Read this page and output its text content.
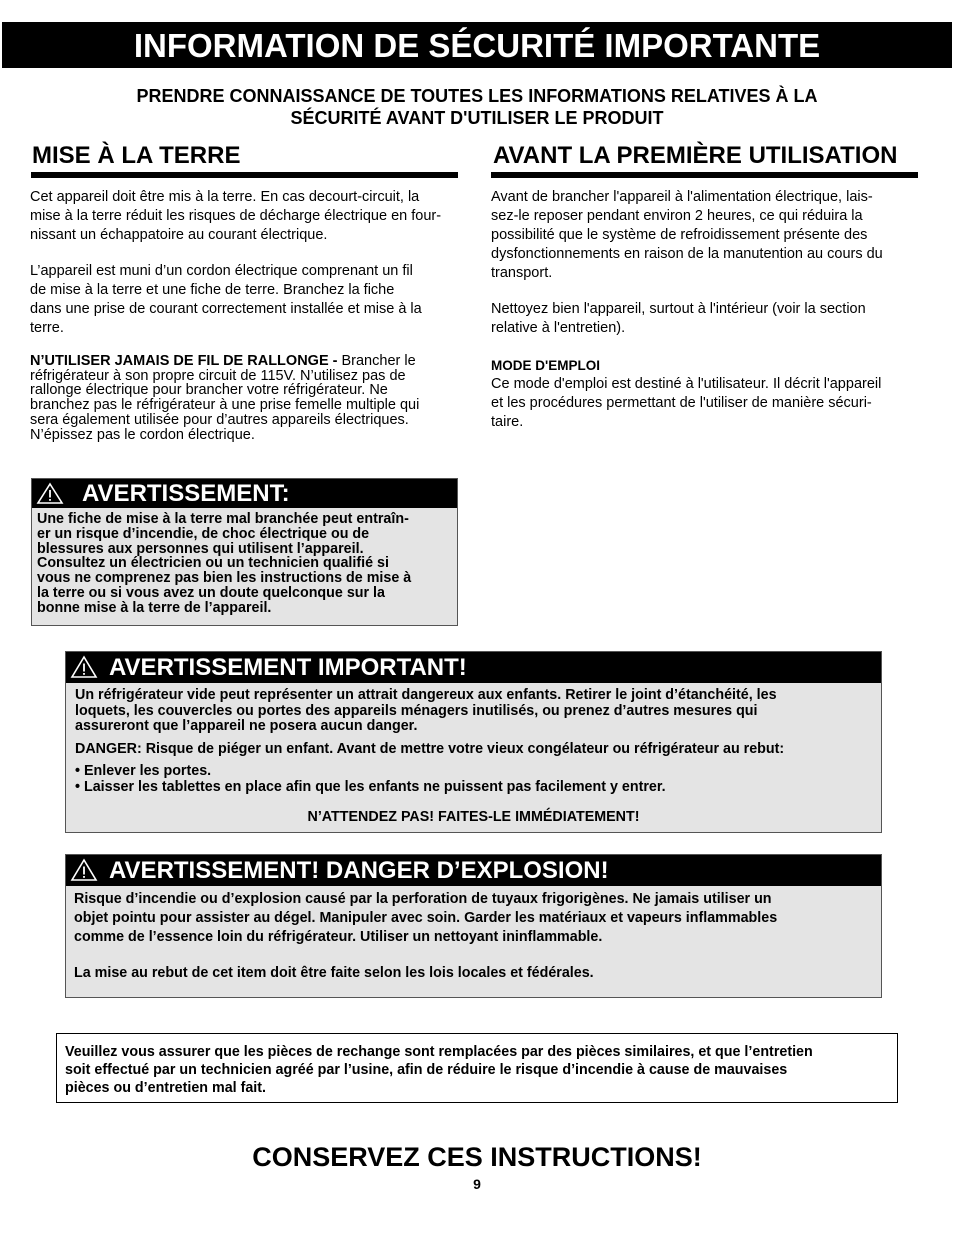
INFORMATION DE SÉCURITÉ IMPORTANTE
PRENDRE CONNAISSANCE DE TOUTES LES INFORMATIONS RELATIVES À LA
SÉCURITÉ AVANT D'UTILISER LE PRODUIT
MISE À LA TERRE

Cet appareil doit être mis à la terre. En cas decourt-circuit, la

mise à la terre réduit les risques de décharge électrique en four-

nissant un échappatoire au courant électrique.

L’appareil est muni d’un cordon électrique comprenant un fil

de mise à la terre et une fiche de terre. Branchez la fiche

dans une prise de courant correctement installée et mise à la

terre.

N’UTILISER JAMAIS DE FIL DE RALLONGE - Brancher le
réfrigérateur à son propre circuit de 115V. N’utilisez pas de
rallonge électrique pour brancher votre réfrigérateur. Ne
branchez pas le réfrigérateur à une prise femelle multiple qui
sera également utilisée pour d’autres appareils électriques.
N’épissez pas le cordon électrique.
AVERTISSEMENT:

Une fiche de mise à la terre mal branchée peut entraîn-

er un risque d’incendie, de choc électrique ou de

blessures aux personnes qui utilisent l’appareil.

Consultez un électricien ou un technicien qualifié si

vous ne comprenez pas bien les instructions de mise à

la terre ou si vous avez un doute quelconque sur la

bonne mise à la terre de l’appareil.

AVANT LA PREMIÈRE UTILISATION

Avant de brancher l'appareil à l'alimentation électrique, lais-

sez-le reposer pendant environ 2 heures, ce qui réduira la

possibilité que le système de refroidissement présente des

dysfonctionnements en raison de la manutention au cours du

transport.

Nettoyez bien l'appareil, surtout à l'intérieur (voir la section

relative à l'entretien).

MODE D'EMPLOI

Ce mode d'emploi est destiné à l'utilisateur. Il décrit l'appareil

et les procédures permettant de l'utiliser de manière sécuri-

taire.

AVERTISSEMENT IMPORTANT!

Un réfrigérateur vide peut représenter un attrait dangereux aux enfants. Retirer le joint d’étanchéité, les

loquets, les couvercles ou portes des appareils ménagers inutilisés, ou prenez d’autres mesures qui

assureront que l’appareil ne posera aucun danger.

DANGER: Risque de piéger un enfant. Avant de mettre votre vieux congélateur ou réfrigérateur au rebut:

• Enlever les portes.

• Laisser les tablettes en place afin que les enfants ne puissent pas facilement y entrer.

N’ATTENDEZ PAS! FAITES-LE IMMÉDIATEMENT!

AVERTISSEMENT! DANGER D’EXPLOSION!

Risque d’incendie ou d’explosion causé par la perforation de tuyaux frigorigènes. Ne jamais utiliser un

objet pointu pour assister au dégel. Manipuler avec soin. Garder les matériaux et vapeurs inflammables

comme de l’essence loin du réfrigérateur. Utiliser un nettoyant ininflammable.

La mise au rebut de cet item doit être faite selon les lois locales et fédérales.

Veuillez vous assurer que les pièces de rechange sont remplacées par des pièces similaires, et que l’entretien
soit effectué par un technicien agréé par l’usine, afin de réduire le risque d’incendie à cause de mauvaises
pièces ou d’entretien mal fait.
CONSERVEZ CES INSTRUCTIONS!
9
